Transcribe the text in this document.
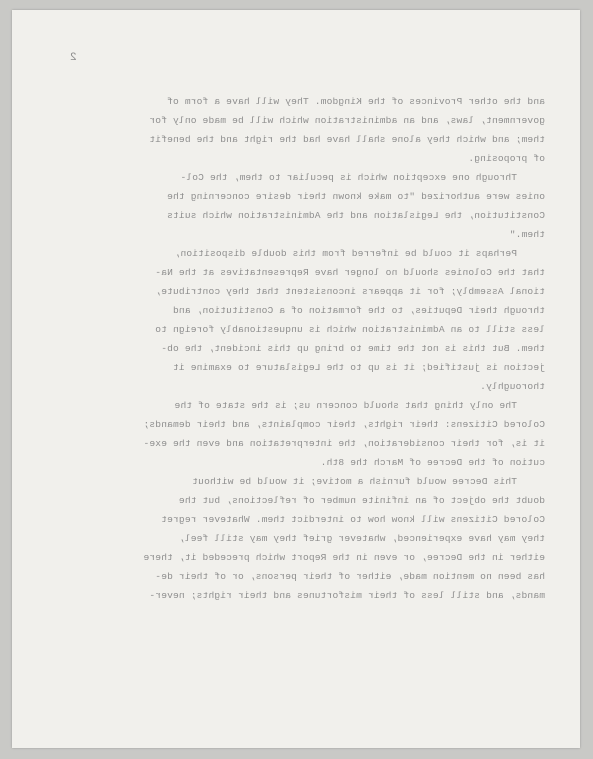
2
and the other Provinces of the Kingdom. They will have a form of
government, laws, and an administration which will be made only for
them; and which they alone shall have had the right and the benefit
of proposing.
Through one exception which is peculiar to them, the Col-
onies were authorized "to make known their desire concerning the
Constitution, the Legislation and the Administration which suits
them."
Perhaps it could be inferred from this double disposition,
that the Colonies should no longer have Representatives at the Na-
tional Assembly; for it appears inconsistent that they contribute,
through their Deputies, to the formation of a Constitution, and
less still to an Administration which is unquestionably foreign to
them. But this is not the time to bring up this incident, the ob-
jection is justified; it is up to the Legislature to examine it
thoroughly.
The only thing that should concern us; is the state of the
Colored Citizens: their rights, their complaints, and their demands;
it is, for their consideration, the interpretation and even the exe-
cution of the Decree of March the 8th.
This Decree would furnish a motive; it would be without
doubt the object of an infinite number of reflections, but the
Colored Citizens will know how to interdict them. Whatever regret
they may have experienced, whatever grief they may still feel,
either in the Decree, or even in the Report which preceded it, there
has been no mention made, either of their persons, or of their de-
mands, and still less of their misfortunes and their rights; never-
